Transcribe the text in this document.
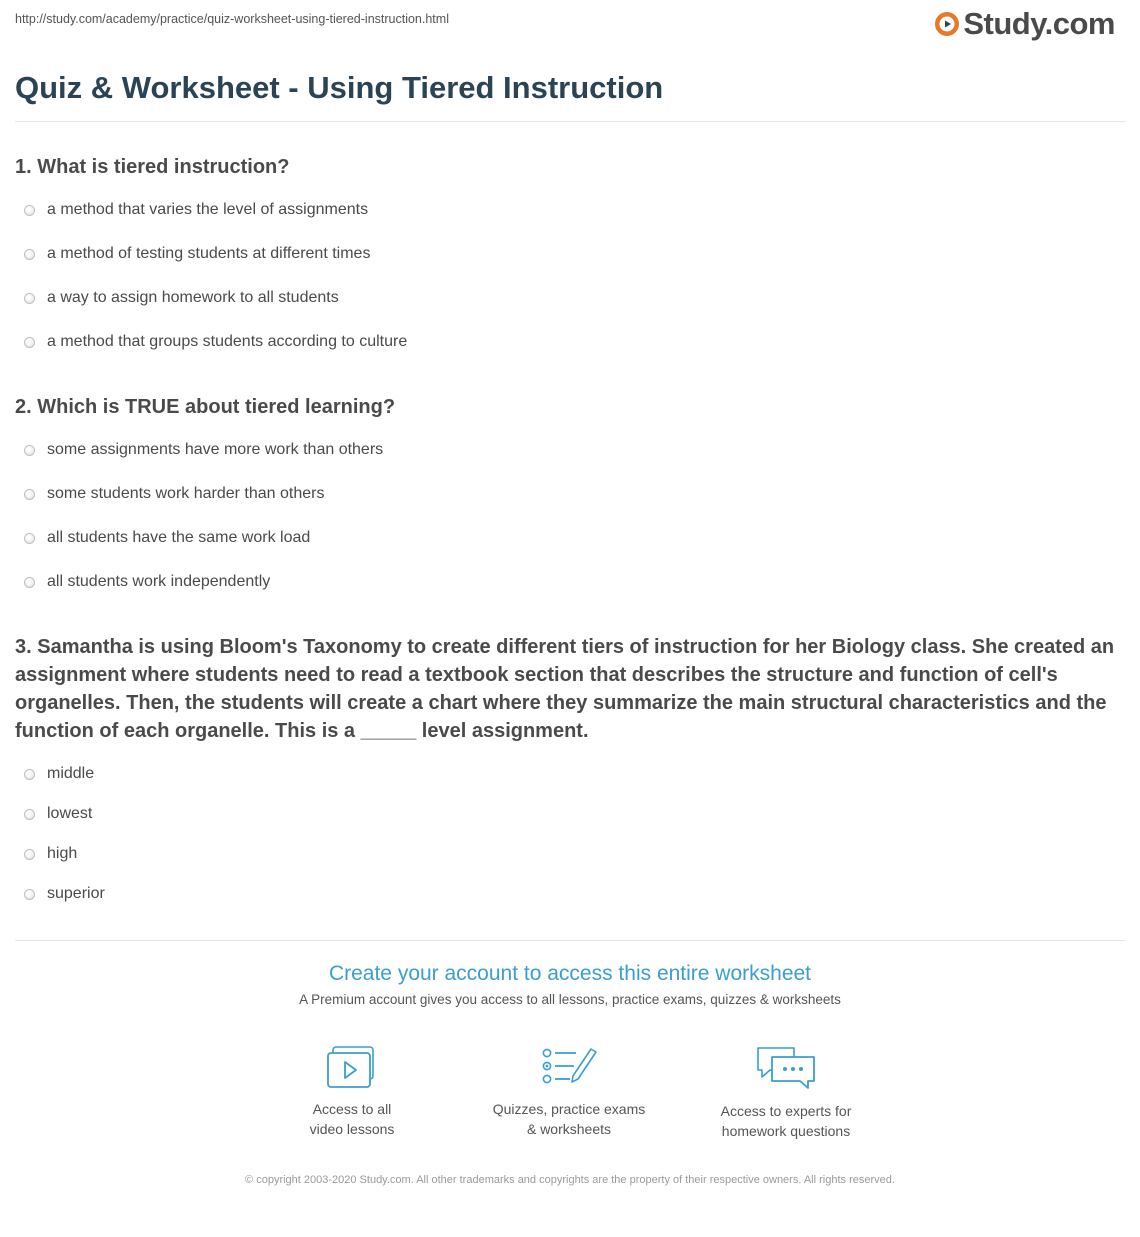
http://study.com/academy/practice/quiz-worksheet-using-tiered-instruction.html	Study.com
Quiz & Worksheet - Using Tiered Instruction

1. What is tiered instruction?

a method that varies the level of assignments
a method of testing students at different times
a way to assign homework to all students
a method that groups students according to culture

2. Which is TRUE about tiered learning?

some assignments have more work than others
some students work harder than others
all students have the same work load
all students work independently

3. Samantha is using Bloom's Taxonomy to create different tiers of instruction for her Biology class. She created an assignment where students need to read a textbook section that describes the structure and function of cell's organelles. Then, the students will create a chart where they summarize the main structural characteristics and the function of each organelle. This is a _____ level assignment.

middle
lowest
high
superior

Create your account to access this entire worksheet

A Premium account gives you access to all lessons, practice exams, quizzes & worksheets
Access to all
video lessons
Quizzes, practice exams
& worksheets
Access to experts for
homework questions
© copyright 2003-2020 Study.com. All other trademarks and copyrights are the property of their respective owners. All rights reserved.
